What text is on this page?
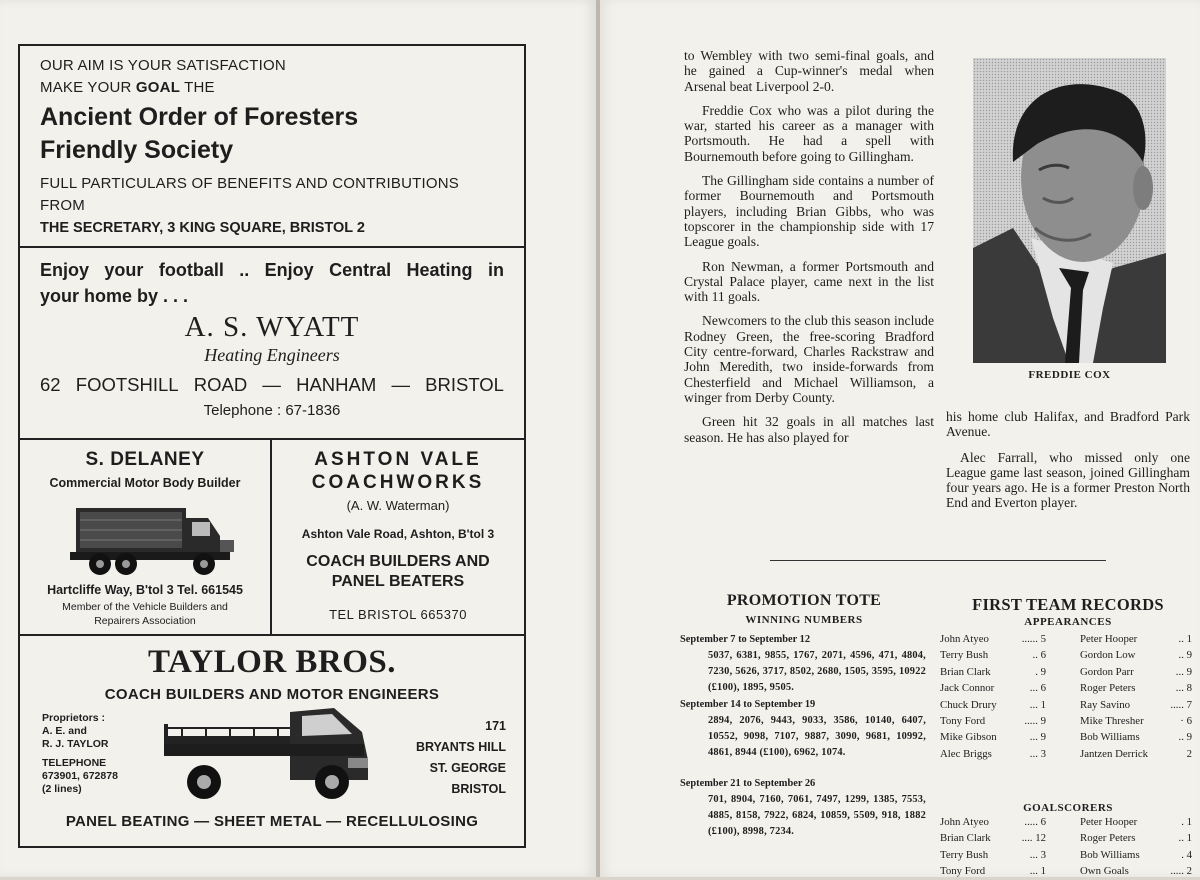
OUR AIM IS YOUR SATISFACTION
MAKE YOUR GOAL THE
Ancient Order of Foresters
Friendly Society
FULL PARTICULARS OF BENEFITS AND CONTRIBUTIONS
FROM
THE SECRETARY, 3 KING SQUARE, BRISTOL 2
Enjoy your football .. Enjoy Central Heating in
your home by . . .
A. S. WYATT
Heating Engineers
62 FOOTSHILL ROAD — HANHAM — BRISTOL
Telephone : 67-1836
S. DELANEY
Commercial Motor Body Builder
Hartcliffe Way, B'tol 3 Tel. 661545
Member of the Vehicle Builders and
Repairers Association
ASHTON VALE
COACHWORKS
(A. W. Waterman)
Ashton Vale Road, Ashton, B'tol 3
COACH BUILDERS AND
PANEL BEATERS
TEL BRISTOL 665370
TAYLOR BROS.
COACH BUILDERS AND MOTOR ENGINEERS
Proprietors :
A. E. and
R. J. TAYLOR
TELEPHONE
673901, 672878
(2 lines)
171
BRYANTS HILL
ST. GEORGE
BRISTOL
PANEL BEATING — SHEET METAL — RECELLULOSING

to Wembley with two semi-final goals, and he gained a Cup-winner's medal when Arsenal beat Liverpool 2-0.

Freddie Cox who was a pilot during the war, started his career as a manager with Portsmouth. He had a spell with Bournemouth before going to Gillingham.

The Gillingham side contains a number of former Bournemouth and Portsmouth players, including Brian Gibbs, who was topscorer in the championship side with 17 League goals.

Ron Newman, a former Portsmouth and Crystal Palace player, came next in the list with 11 goals.

Newcomers to the club this season include Rodney Green, the free-scoring Bradford City centre-forward, Charles Rackstraw and John Meredith, two inside-forwards from Chesterfield and Michael Williamson, a winger from Derby County.

Green hit 32 goals in all matches last season. He has also played for

FREDDIE COX

his home club Halifax, and Bradford Park Avenue.

Alec Farrall, who missed only one League game last season, joined Gillingham four years ago. He is a former Preston North End and Everton player.

PROMOTION TOTE
WINNING NUMBERS
September 7 to September 12
5037, 6381, 9855, 1767, 2071, 4596, 471, 4804, 7230, 5626, 3717, 8502, 2680, 1505, 3595, 10922 (£100), 1895, 9505.
September 14 to September 19
2894, 2076, 9443, 9033, 3586, 10140, 6407, 10552, 9098, 7107, 9887, 3090, 9681, 10992, 4861, 8944 (£100), 6962, 1074.
September 21 to September 26
701, 8904, 7160, 7061, 7497, 1299, 1385, 7553, 4885, 8158, 7922, 6824, 10859, 5509, 918, 1882 (£100), 8998, 7234.
FIRST TEAM RECORDS
APPEARANCES
John Atyeo	...... 5	Peter Hooper	.. 1
Terry Bush	.. 6	Gordon Low	.. 9
Brian Clark	. 9	Gordon Parr	... 9
Jack Connor	... 6	Roger Peters	... 8
Chuck Drury	... 1	Ray Savino	..... 7
Tony Ford	..... 9	Mike Thresher	· 6
Mike Gibson	... 9	Bob Williams	.. 9
Alec Briggs	... 3	Jantzen Derrick	2
GOALSCORERS
John Atyeo	..... 6	Peter Hooper	. 1
Brian Clark	.... 12	Roger Peters	.. 1
Terry Bush	... 3	Bob Williams	. 4
Tony Ford	... 1	Own Goals	..... 2
